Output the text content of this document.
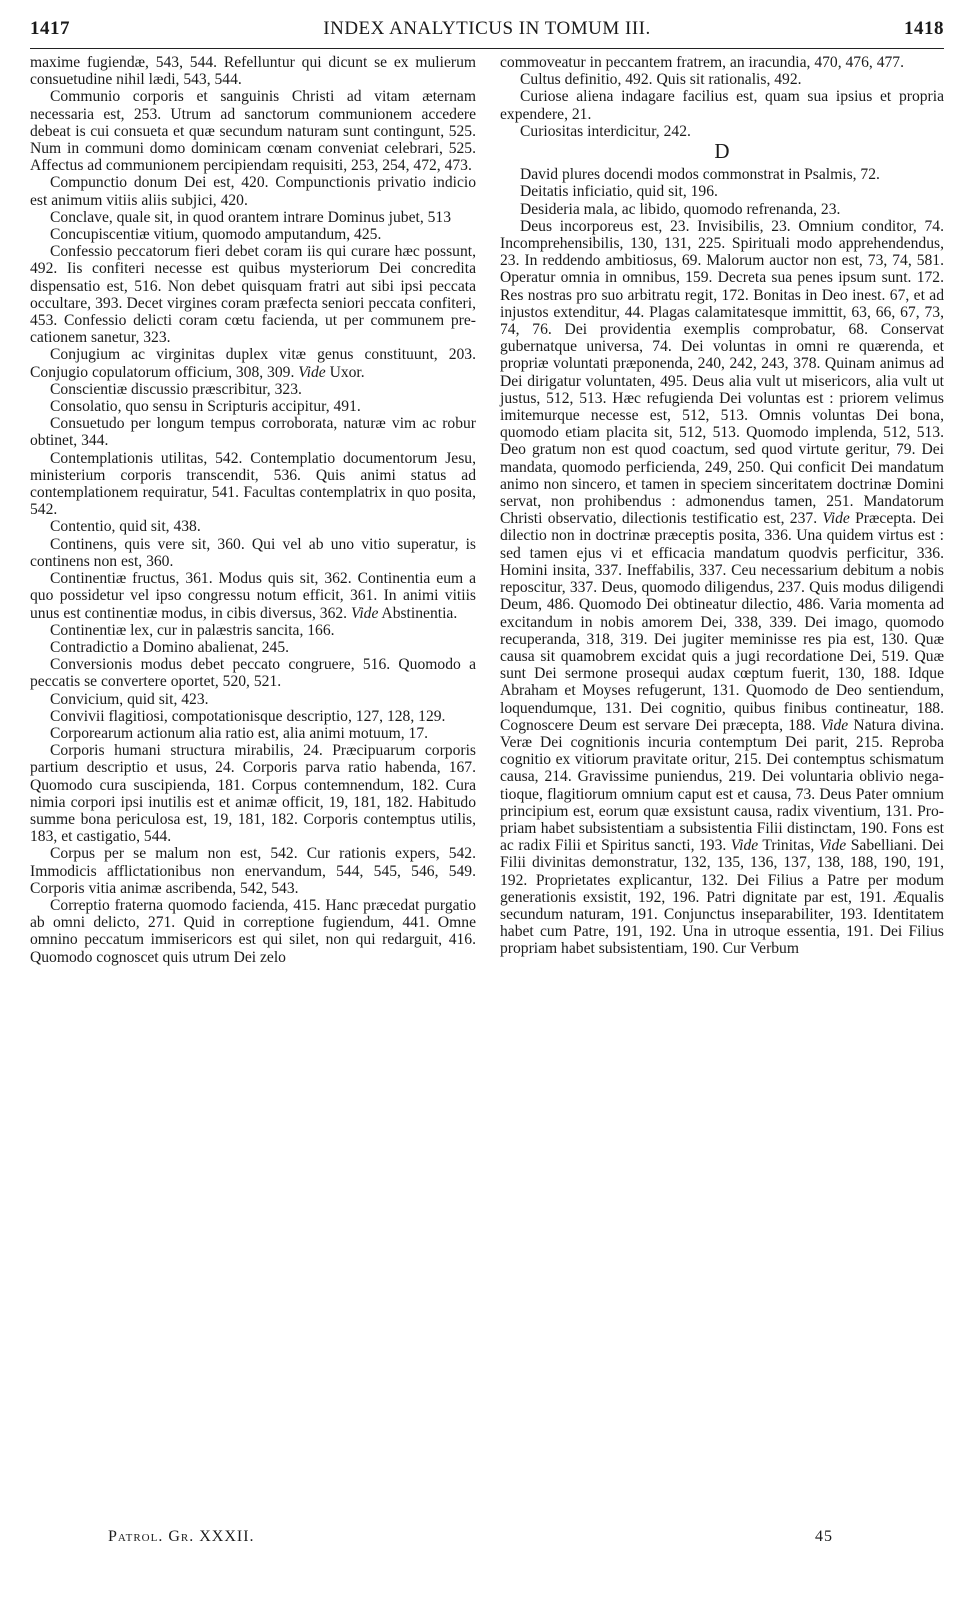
1417	INDEX ANALYTICUS IN TOMUM III.	1418

maxime fugiendæ, 543, 544. Refelluntur qui dicunt se ex mulierum consuetudine nihil lædi, 543, 544.

Communio corporis et sanguinis Christi ad vitam æternam necessaria est, 253. Utrum ad sanctorum communionem accedere debeat is cui consueta et quæ secundum naturam sunt contingunt, 525. Num in communi domo dominicam cœnam conveniat celebrari, 525. Affectus ad communionem percipiendam requisiti, 253, 254, 472, 473.

Compunctio donum Dei est, 420. Compunctionis privatio indicio est animum vitiis aliis subjici, 420.

Conclave, quale sit, in quod orantem intrare Dominus jubet, 513

Concupiscentiæ vitium, quomodo amputandum, 425.

Confessio peccatorum fieri debet coram iis qui curare hæc possunt, 492. Iis confiteri necesse est quibus mysteriorum Dei concredita dispensatio est, 516. Non debet quisquam fratri aut sibi ipsi peccata occultare, 393. Decet virgines coram præfecta seniori peccata confiteri, 453. Confessio delicti coram cœtu facienda, ut per communem precationem sanetur, 323.

Conjugium ac virginitas duplex vitæ genus constituunt, 203. Conjugio copulatorum officium, 308, 309. Vide Uxor.

Conscientiæ discussio præscribitur, 323.

Consolatio, quo sensu in Scripturis accipitur, 491.

Consuetudo per longum tempus corroborata, naturæ vim ac robur obtinet, 344.

Contemplationis utilitas, 542. Contemplatio documentorum Jesu, ministerium corporis transcendit, 536. Quis animi status ad contemplationem requiratur, 541. Facultas contemplatrix in quo posita, 542.

Contentio, quid sit, 438.

Continens, quis vere sit, 360. Qui vel ab uno vitio superatur, is continens non est, 360.

Continentiæ fructus, 361. Modus quis sit, 362. Continentia eum a quo possidetur vel ipso congressu notum efficit, 361. In animi vitiis unus est continentiæ modus, in cibis diversus, 362. Vide Abstinentia.

Continentiæ lex, cur in palæstris sancita, 166.

Contradictio a Domino abalienat, 245.

Conversionis modus debet peccato congruere, 516. Quomodo a peccatis se convertere oportet, 520, 521.

Convicium, quid sit, 423.

Convivii flagitiosi, compotationisque descriptio, 127, 128, 129.

Corporearum actionum alia ratio est, alia animi motuum, 17.

Corporis humani structura mirabilis, 24. Præcipuarum corporis partium descriptio et usus, 24. Corporis parva ratio habenda, 167. Quomodo cura suscipienda, 181. Corpus contemnendum, 182. Cura nimia corpori ipsi inutilis est et animæ officit, 19, 181, 182. Habitudo summe bona periculosa est, 19, 181, 182. Corporis contemptus utilis, 183, et castigatio, 544.

Corpus per se malum non est, 542. Cur rationis expers, 542. Immodicis afflictationibus non enervandum, 544, 545, 546, 549. Corporis vitia animæ ascribenda, 542, 543.

Correptio fraterna quomodo facienda, 415. Hanc præcedat purgatio ab omni delicto, 271. Quid in correptione fugiendum, 441. Omne omnino peccatum immisericors est qui silet, non qui redarguit, 416. Quomodo cognoscet quis utrum Dei zelo

commoveatur in peccantem fratrem, an iracundia, 470, 476, 477.

Cultus definitio, 492. Quis sit rationalis, 492.

Curiose aliena indagare facilius est, quam sua ipsius et propria expendere, 21.

Curiositas interdicitur, 242.

D

David plures docendi modos commonstrat in Psalmis, 72.

Deitatis inficiatio, quid sit, 196.

Desideria mala, ac libido, quomodo refrenanda, 23.

Deus incorporeus est, 23. Invisibilis, 23. Omnium conditor, 74. Incomprehensibilis, 130, 131, 225. Spirituali modo apprehendendus, 23. In reddendo ambitiosus, 69. Malorum auctor non est, 73, 74, 581. Operatur omnia in omnibus, 159. Decreta sua penes ipsum sunt. 172. Res nostras pro suo arbitratu regit, 172. Bonitas in Deo inest. 67, et ad injustos extenditur, 44. Plagas calamitatesque immittit, 63, 66, 67, 73, 74, 76. Dei providentia exemplis comprobatur, 68. Conservat gubernatque universa, 74. Dei voluntas in omni re quærenda, et propriæ voluntati præponenda, 240, 242, 243, 378. Quinam animus ad Dei dirigatur voluntaten, 495. Deus alia vult ut misericors, alia vult ut justus, 512, 513. Hæc refugienda Dei voluntas est : priorem velimus imitemurque necesse est, 512, 513. Omnis voluntas Dei bona, quomodo etiam placita sit, 512, 513. Quomodo implenda, 512, 513. Deo gratum non est quod coactum, sed quod virtute geritur, 79. Dei mandata, quomodo perficienda, 249, 250. Qui conficit Dei mandatum animo non sincero, et tamen in speciem sinceritatem doctrinæ Domini servat, non prohibendus : admonendus tamen, 251. Mandatorum Christi observatio, dilectionis testificatio est, 237. Vide Præcepta. Dei dilectio non in doctrinæ præceptis posita, 336. Una quidem virtus est : sed tamen ejus vi et efficacia mandatum quodvis perficitur, 336. Homini insita, 337. Ineffabilis, 337. Ceu necessarium debitum a nobis reposcitur, 337. Deus, quomodo diligendus, 237. Quis modus diligendi Deum, 486. Quomodo Dei obtineatur dilectio, 486. Varia momenta ad excitandum in nobis amorem Dei, 338, 339. Dei imago, quomodo recuperanda, 318, 319. Dei jugiter meminisse res pia est, 130. Quæ causa sit quamobrem excidat quis a jugi recordatione Dei, 519. Quæ sunt Dei sermone prosequi audax cœptum fuerit, 130, 188. Idque Abraham et Moyses refugerunt, 131. Quomodo de Deo sentiendum, loquendumque, 131. Dei cognitio, quibus finibus contineatur, 188. Cognoscere Deum est servare Dei præcepta, 188. Vide Natura divina. Veræ Dei cognitionis incuria contemptum Dei parit, 215. Reproba cognitio ex vitiorum pravitate oritur, 215. Dei contemptus schismatum causa, 214. Gravissime puniendus, 219. Dei voluntaria oblivio negatioque, flagitiorum omnium caput est et causa, 73. Deus Pater omnium principium est, eorum quæ exsistunt causa, radix viventium, 131. Propriam habet subsistentiam a subsistentia Filii distinctam, 190. Fons est ac radix Filii et Spiritus sancti, 193. Vide Trinitas, Vide Sabelliani. Dei Filii divinitas demonstratur, 132, 135, 136, 137, 138, 188, 190, 191, 192. Proprietates explicantur, 132. Dei Filius a Patre per modum generationis exsistit, 192, 196. Patri dignitate par est, 191. Æqualis secundum naturam, 191. Conjunctus inseparabiliter, 193. Identitatem habet cum Patre, 191, 192. Una in utroque essentia, 191. Dei Filius propriam habet subsistentiam, 190. Cur Verbum

Patrol. Gr. XXXII.	45
